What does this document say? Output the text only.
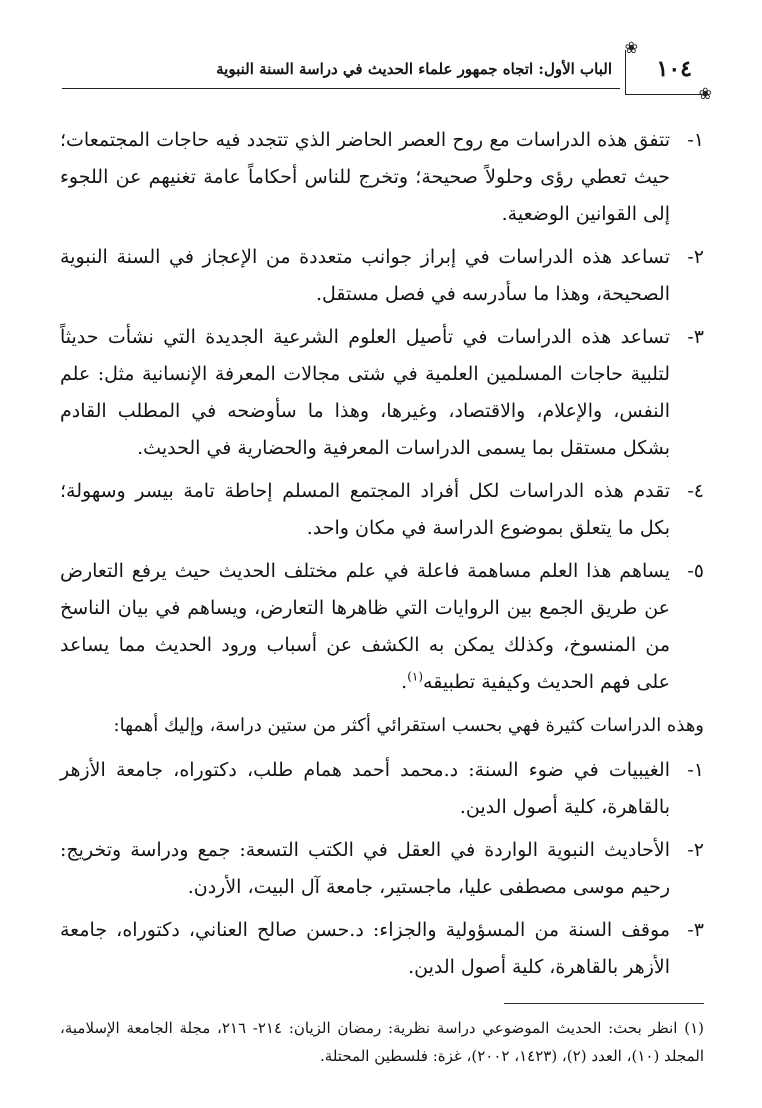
١٠٤
❀
❀
الباب الأول: اتجاه جمهور علماء الحديث في دراسة السنة النبوية
١-
تتفق هذه الدراسات مع روح العصر الحاضر الذي تتجدد فيه حاجات المجتمعات؛ حيث تعطي رؤى وحلولاً صحيحة؛ وتخرج للناس أحكاماً عامة تغنيهم عن اللجوء إلى القوانين الوضعية.
٢-
تساعد هذه الدراسات في إبراز جوانب متعددة من الإعجاز في السنة النبوية الصحيحة، وهذا ما سأدرسه في فصل مستقل.
٣-
تساعد هذه الدراسات في تأصيل العلوم الشرعية الجديدة التي نشأت حديثاً لتلبية حاجات المسلمين العلمية في شتى مجالات المعرفة الإنسانية مثل: علم النفس، والإعلام، والاقتصاد، وغيرها، وهذا ما سأوضحه في المطلب القادم بشكل مستقل بما يسمى الدراسات المعرفية والحضارية في الحديث.
٤-
تقدم هذه الدراسات لكل أفراد المجتمع المسلم إحاطة تامة بيسر وسهولة؛ بكل ما يتعلق بموضوع الدراسة في مكان واحد.
٥-
يساهم هذا العلم مساهمة فاعلة في علم مختلف الحديث حيث يرفع التعارض عن طريق الجمع بين الروايات التي ظاهرها التعارض، ويساهم في بيان الناسخ من المنسوخ، وكذلك يمكن به الكشف عن أسباب ورود الحديث مما يساعد على فهم الحديث وكيفية تطبيقه$^{(١)}$.
وهذه الدراسات كثيرة فهي بحسب استقرائي أكثر من ستين دراسة، وإليك أهمها:
١-
الغيبيات في ضوء السنة: د.محمد أحمد همام طلب، دكتوراه، جامعة الأزهر بالقاهرة، كلية أصول الدين.
٢-
الأحاديث النبوية الواردة في العقل في الكتب التسعة: جمع ودراسة وتخريج: رحيم موسى مصطفى عليا، ماجستير، جامعة آل البيت، الأردن.
٣-
موقف السنة من المسؤولية والجزاء: د.حسن صالح العناني، دكتوراه، جامعة الأزهر بالقاهرة، كلية أصول الدين.
(١) انظر بحث: الحديث الموضوعي دراسة نظرية: رمضان الزيان: ٢١٤- ٢١٦، مجلة الجامعة الإسلامية، المجلد (١٠)، العدد (٢)، (١٤٢٣، ٢٠٠٢)، غزة: فلسطين المحتلة.
